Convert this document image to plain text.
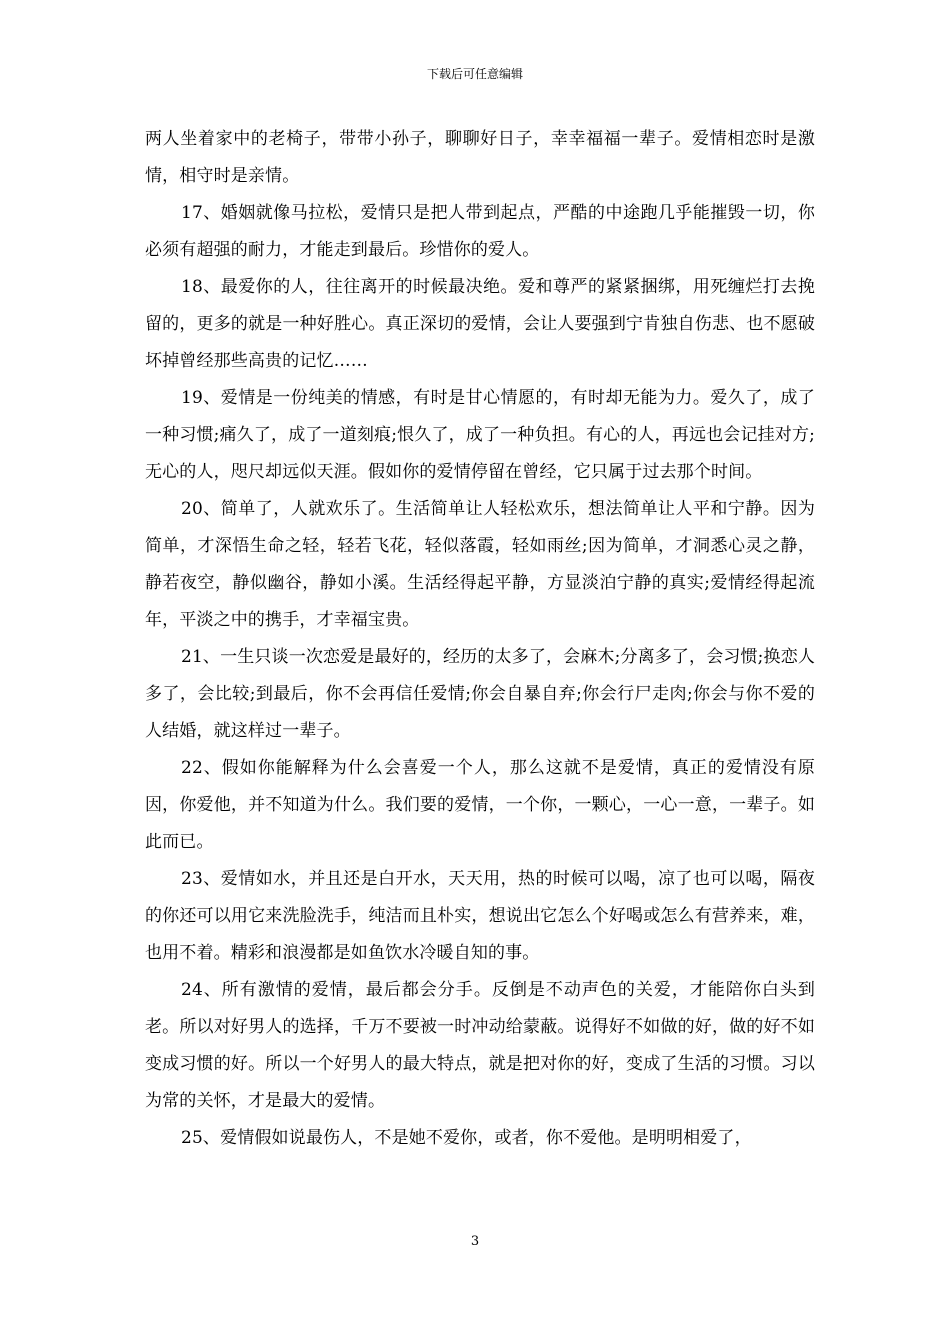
下载后可任意编辑

两人坐着家中的老椅子，带带小孙子，聊聊好日子，幸幸福福一辈子。爱情相恋时是激情，相守时是亲情。

17、婚姻就像马拉松，爱情只是把人带到起点，严酷的中途跑几乎能摧毁一切，你必须有超强的耐力，才能走到最后。珍惜你的爱人。

18、最爱你的人，往往离开的时候最决绝。爱和尊严的紧紧捆绑，用死缠烂打去挽留的，更多的就是一种好胜心。真正深切的爱情，会让人要强到宁肯独自伤悲、也不愿破坏掉曾经那些高贵的记忆……

19、爱情是一份纯美的情感，有时是甘心情愿的，有时却无能为力。爱久了，成了一种习惯;痛久了，成了一道刻痕;恨久了，成了一种负担。有心的人，再远也会记挂对方;无心的人，咫尺却远似天涯。假如你的爱情停留在曾经，它只属于过去那个时间。

20、简单了，人就欢乐了。生活简单让人轻松欢乐，想法简单让人平和宁静。因为简单，才深悟生命之轻，轻若飞花，轻似落霞，轻如雨丝;因为简单，才洞悉心灵之静，静若夜空，静似幽谷，静如小溪。生活经得起平静，方显淡泊宁静的真实;爱情经得起流年，平淡之中的携手，才幸福宝贵。

21、一生只谈一次恋爱是最好的，经历的太多了，会麻木;分离多了，会习惯;换恋人多了，会比较;到最后，你不会再信任爱情;你会自暴自弃;你会行尸走肉;你会与你不爱的人结婚，就这样过一辈子。

22、假如你能解释为什么会喜爱一个人，那么这就不是爱情，真正的爱情没有原因，你爱他，并不知道为什么。我们要的爱情，一个你，一颗心，一心一意，一辈子。如此而已。

23、爱情如水，并且还是白开水，天天用，热的时候可以喝，凉了也可以喝，隔夜的你还可以用它来洗脸洗手，纯洁而且朴实，想说出它怎么个好喝或怎么有营养来，难，也用不着。精彩和浪漫都是如鱼饮水冷暖自知的事。

24、所有激情的爱情，最后都会分手。反倒是不动声色的关爱，才能陪你白头到老。所以对好男人的选择，千万不要被一时冲动给蒙蔽。说得好不如做的好，做的好不如变成习惯的好。所以一个好男人的最大特点，就是把对你的好，变成了生活的习惯。习以为常的关怀，才是最大的爱情。

25、爱情假如说最伤人，不是她不爱你，或者，你不爱他。是明明相爱了，

3
